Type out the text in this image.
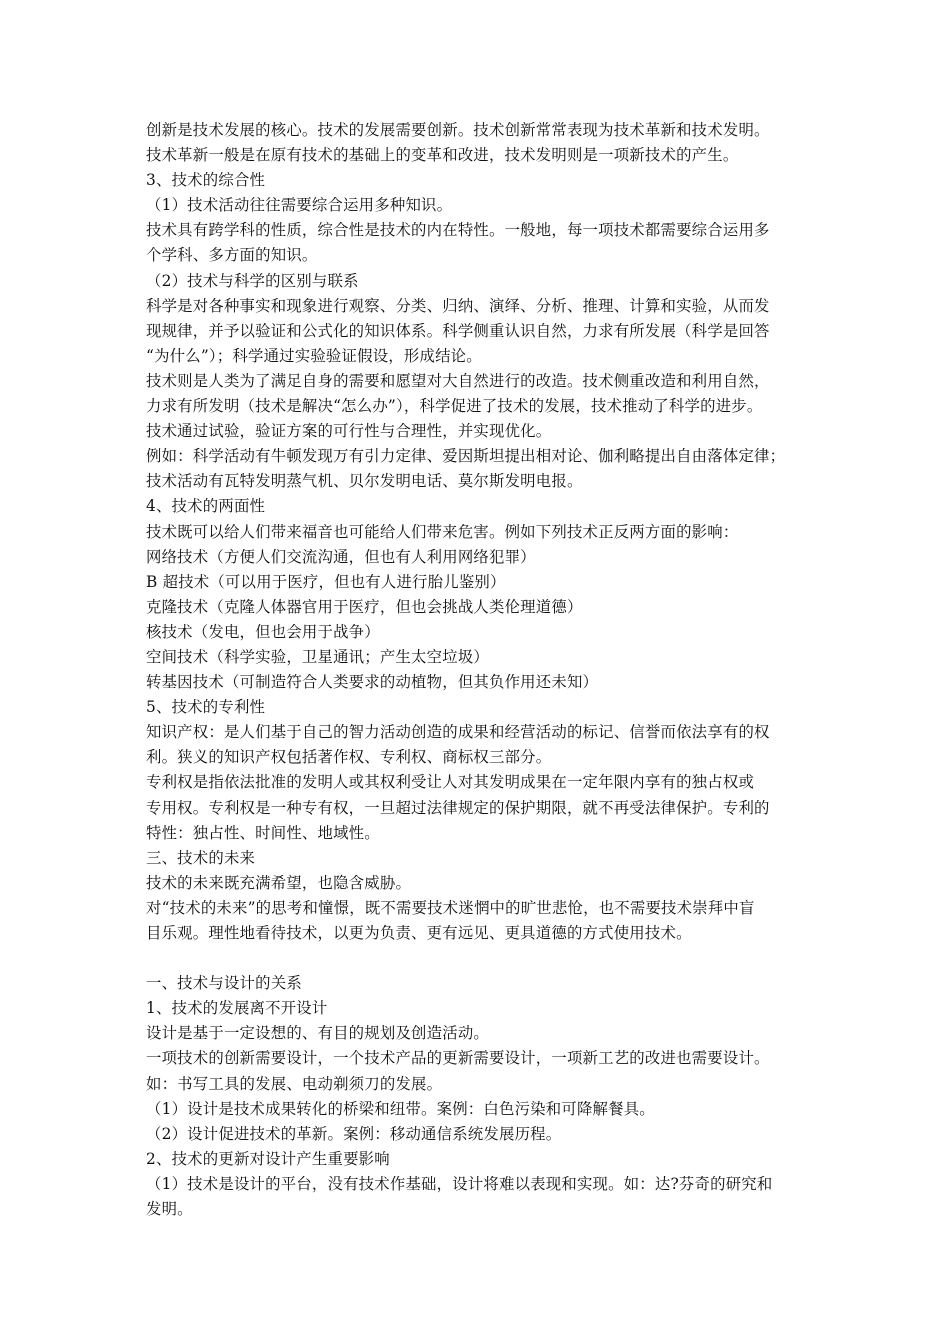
创新是技术发展的核心。技术的发展需要创新。技术创新常常表现为技术革新和技术发明。
技术革新一般是在原有技术的基础上的变革和改进，技术发明则是一项新技术的产生。
3、技术的综合性
（1）技术活动往往需要综合运用多种知识。
技术具有跨学科的性质，综合性是技术的内在特性。一般地，每一项技术都需要综合运用多
个学科、多方面的知识。
（2）技术与科学的区别与联系
科学是对各种事实和现象进行观察、分类、归纳、演绎、分析、推理、计算和实验，从而发
现规律，并予以验证和公式化的知识体系。科学侧重认识自然，力求有所发展（科学是回答
“为什么”）；科学通过实验验证假设，形成结论。
技术则是人类为了满足自身的需要和愿望对大自然进行的改造。技术侧重改造和利用自然，
力求有所发明（技术是解决“怎么办”），科学促进了技术的发展，技术推动了科学的进步。
技术通过试验，验证方案的可行性与合理性，并实现优化。
例如：科学活动有牛顿发现万有引力定律、爱因斯坦提出相对论、伽利略提出自由落体定律；
技术活动有瓦特发明蒸气机、贝尔发明电话、莫尔斯发明电报。
4、技术的两面性
技术既可以给人们带来福音也可能给人们带来危害。例如下列技术正反两方面的影响：
网络技术（方便人们交流沟通，但也有人利用网络犯罪）
B 超技术（可以用于医疗，但也有人进行胎儿鉴别）
克隆技术（克隆人体器官用于医疗，但也会挑战人类伦理道德）
核技术（发电，但也会用于战争）
空间技术（科学实验，卫星通讯；产生太空垃圾）
转基因技术（可制造符合人类要求的动植物，但其负作用还未知）
5、技术的专利性
知识产权：是人们基于自己的智力活动创造的成果和经营活动的标记、信誉而依法享有的权
利。狭义的知识产权包括著作权、专利权、商标权三部分。
专利权是指依法批准的发明人或其权利受让人对其发明成果在一定年限内享有的独占权或
专用权。专利权是一种专有权，一旦超过法律规定的保护期限，就不再受法律保护。专利的
特性：独占性、时间性、地域性。
三、技术的未来
技术的未来既充满希望，也隐含威胁。
对“技术的未来”的思考和憧憬，既不需要技术迷惘中的旷世悲怆，也不需要技术崇拜中盲
目乐观。理性地看待技术，以更为负责、更有远见、更具道德的方式使用技术。
一、技术与设计的关系
1、技术的发展离不开设计
设计是基于一定设想的、有目的规划及创造活动。
一项技术的创新需要设计，一个技术产品的更新需要设计，一项新工艺的改进也需要设计。
如：书写工具的发展、电动剃须刀的发展。
（1）设计是技术成果转化的桥梁和纽带。案例：白色污染和可降解餐具。
（2）设计促进技术的革新。案例：移动通信系统发展历程。
2、技术的更新对设计产生重要影响
（1）技术是设计的平台，没有技术作基础，设计将难以表现和实现。如：达?芬奇的研究和
发明。
